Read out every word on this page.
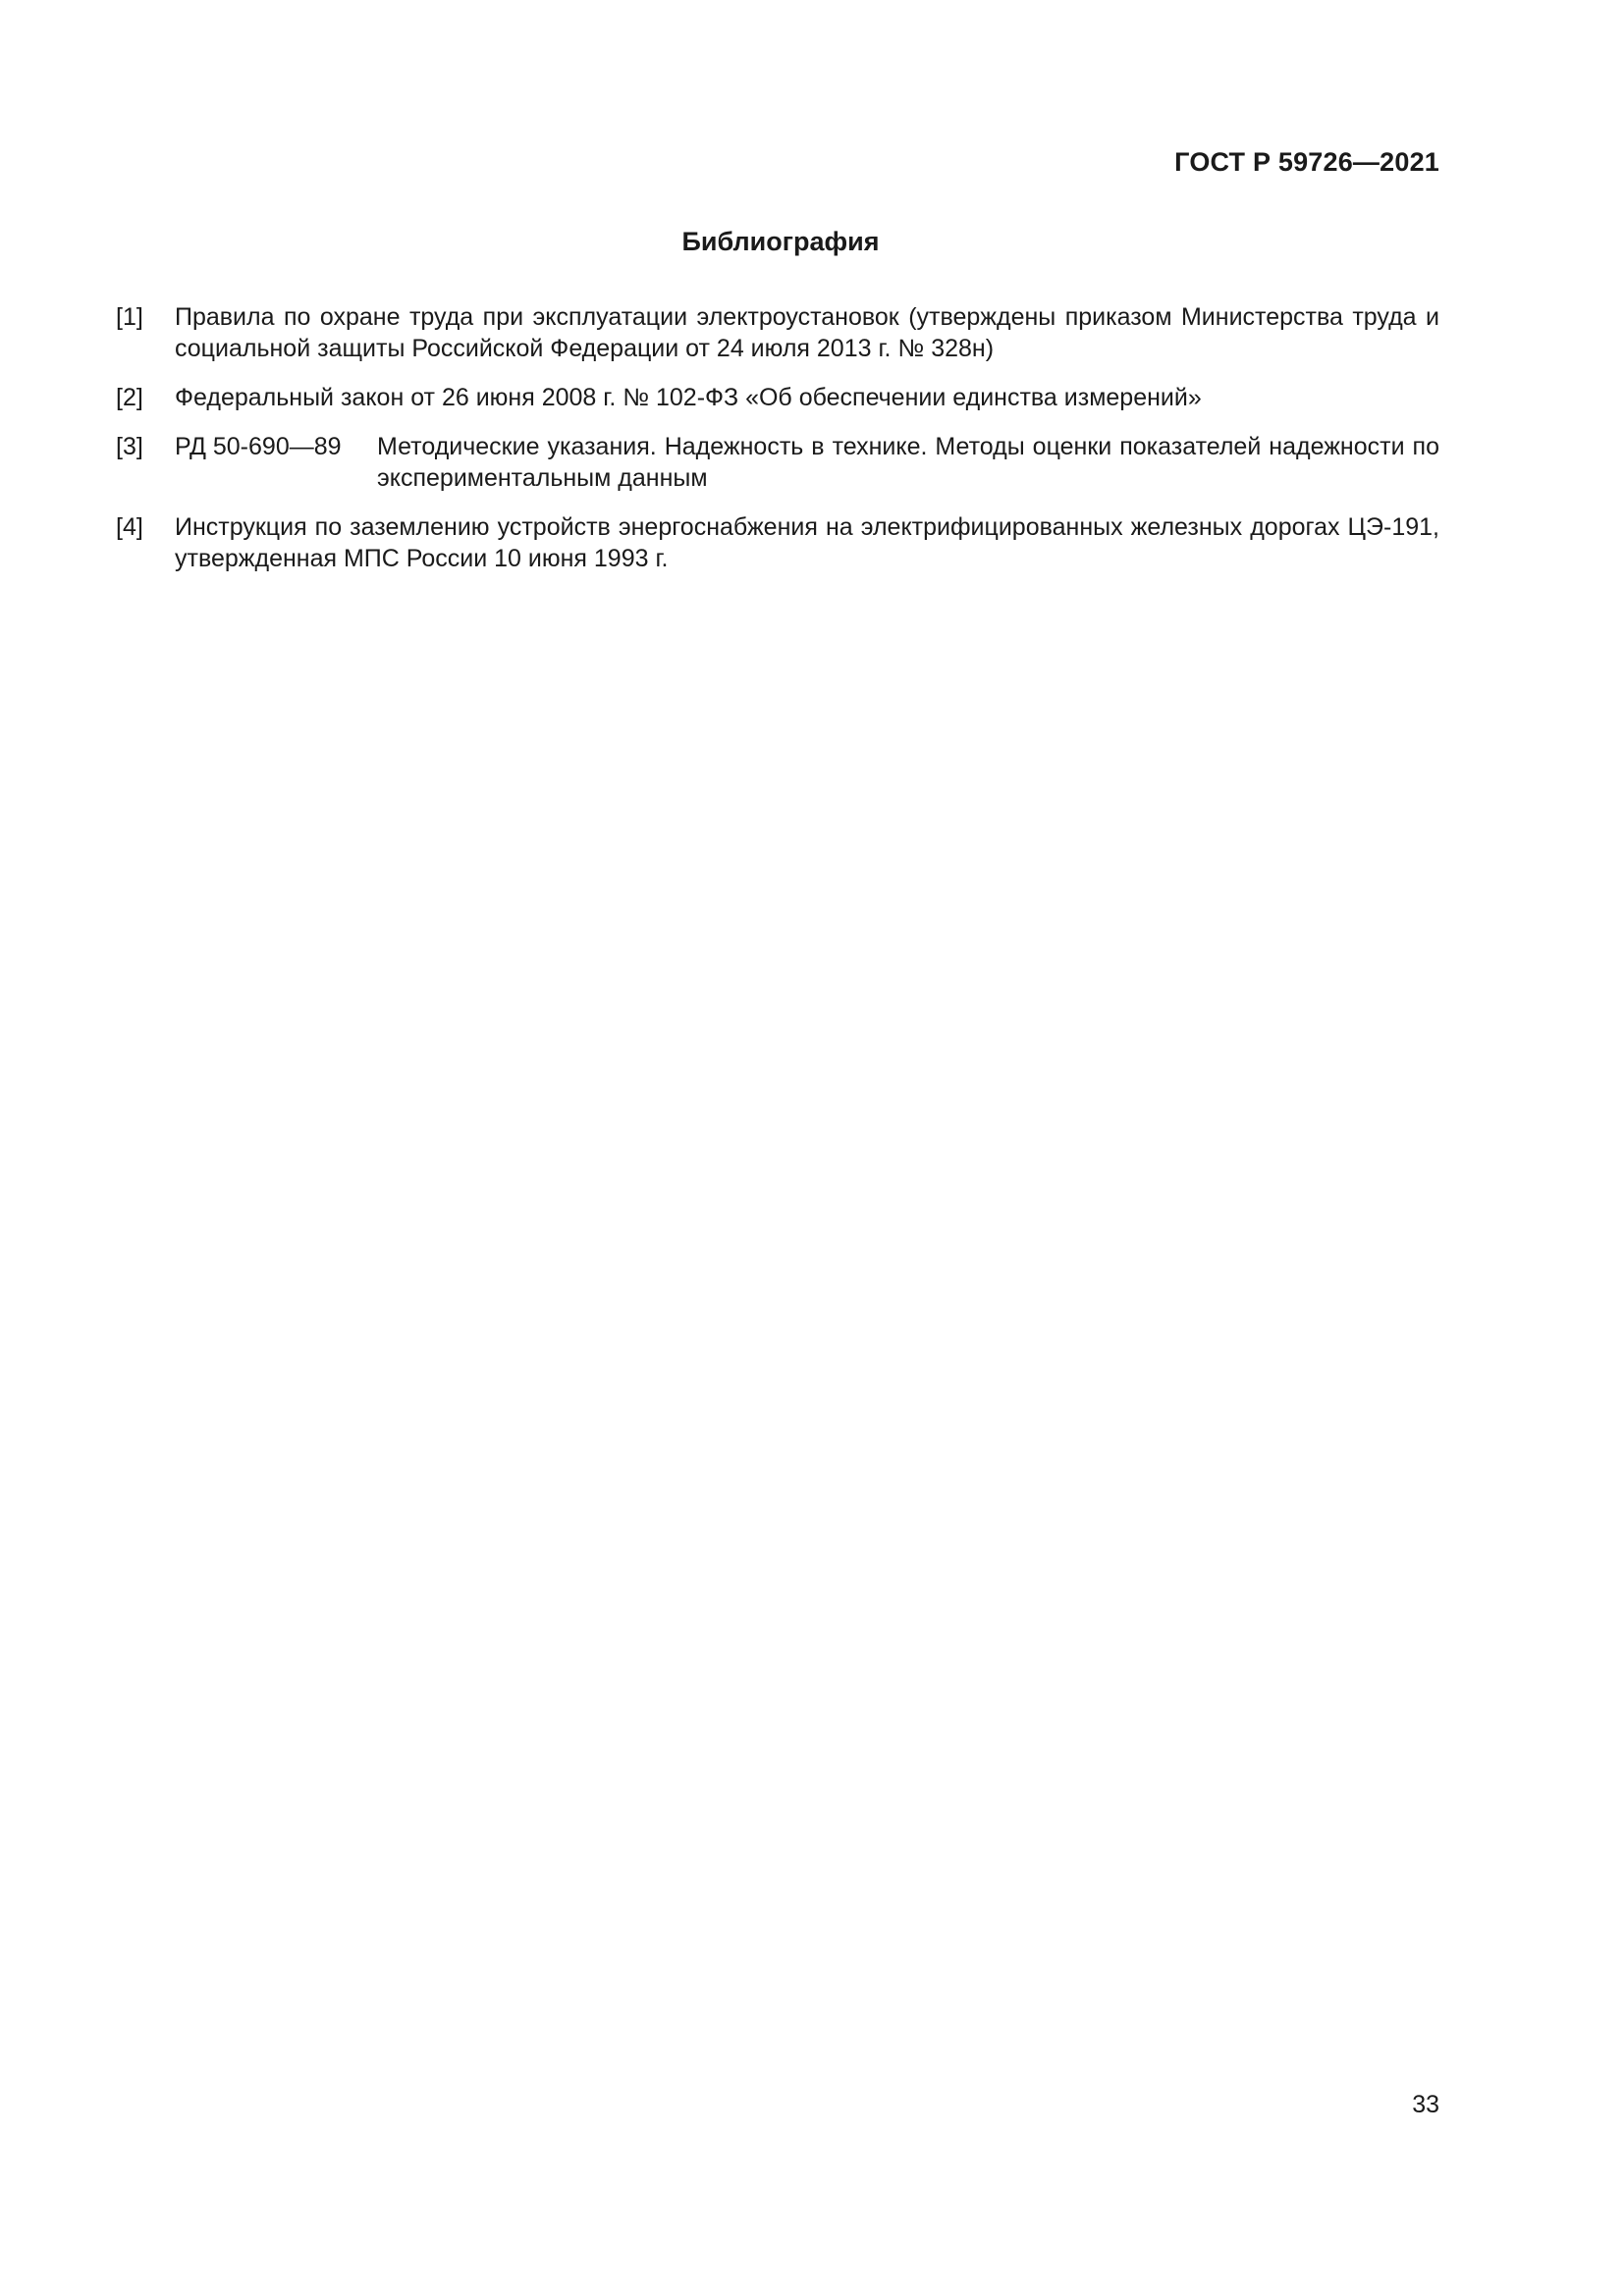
ГОСТ Р 59726—2021
Библиография
[1]	Правила по охране труда при эксплуатации электроустановок (утверждены приказом Министерства труда и социальной защиты Российской Федерации от 24 июля 2013 г. № 328н)
[2]	Федеральный закон от 26 июня 2008 г. № 102-ФЗ «Об обеспечении единства измерений»
[3]	РД 50-690—89	Методические указания. Надежность в технике. Методы оценки показателей надежности по экспериментальным данным
[4]	Инструкция по заземлению устройств энергоснабжения на электрифицированных железных дорогах ЦЭ-191, утвержденная МПС России 10 июня 1993 г.
33
